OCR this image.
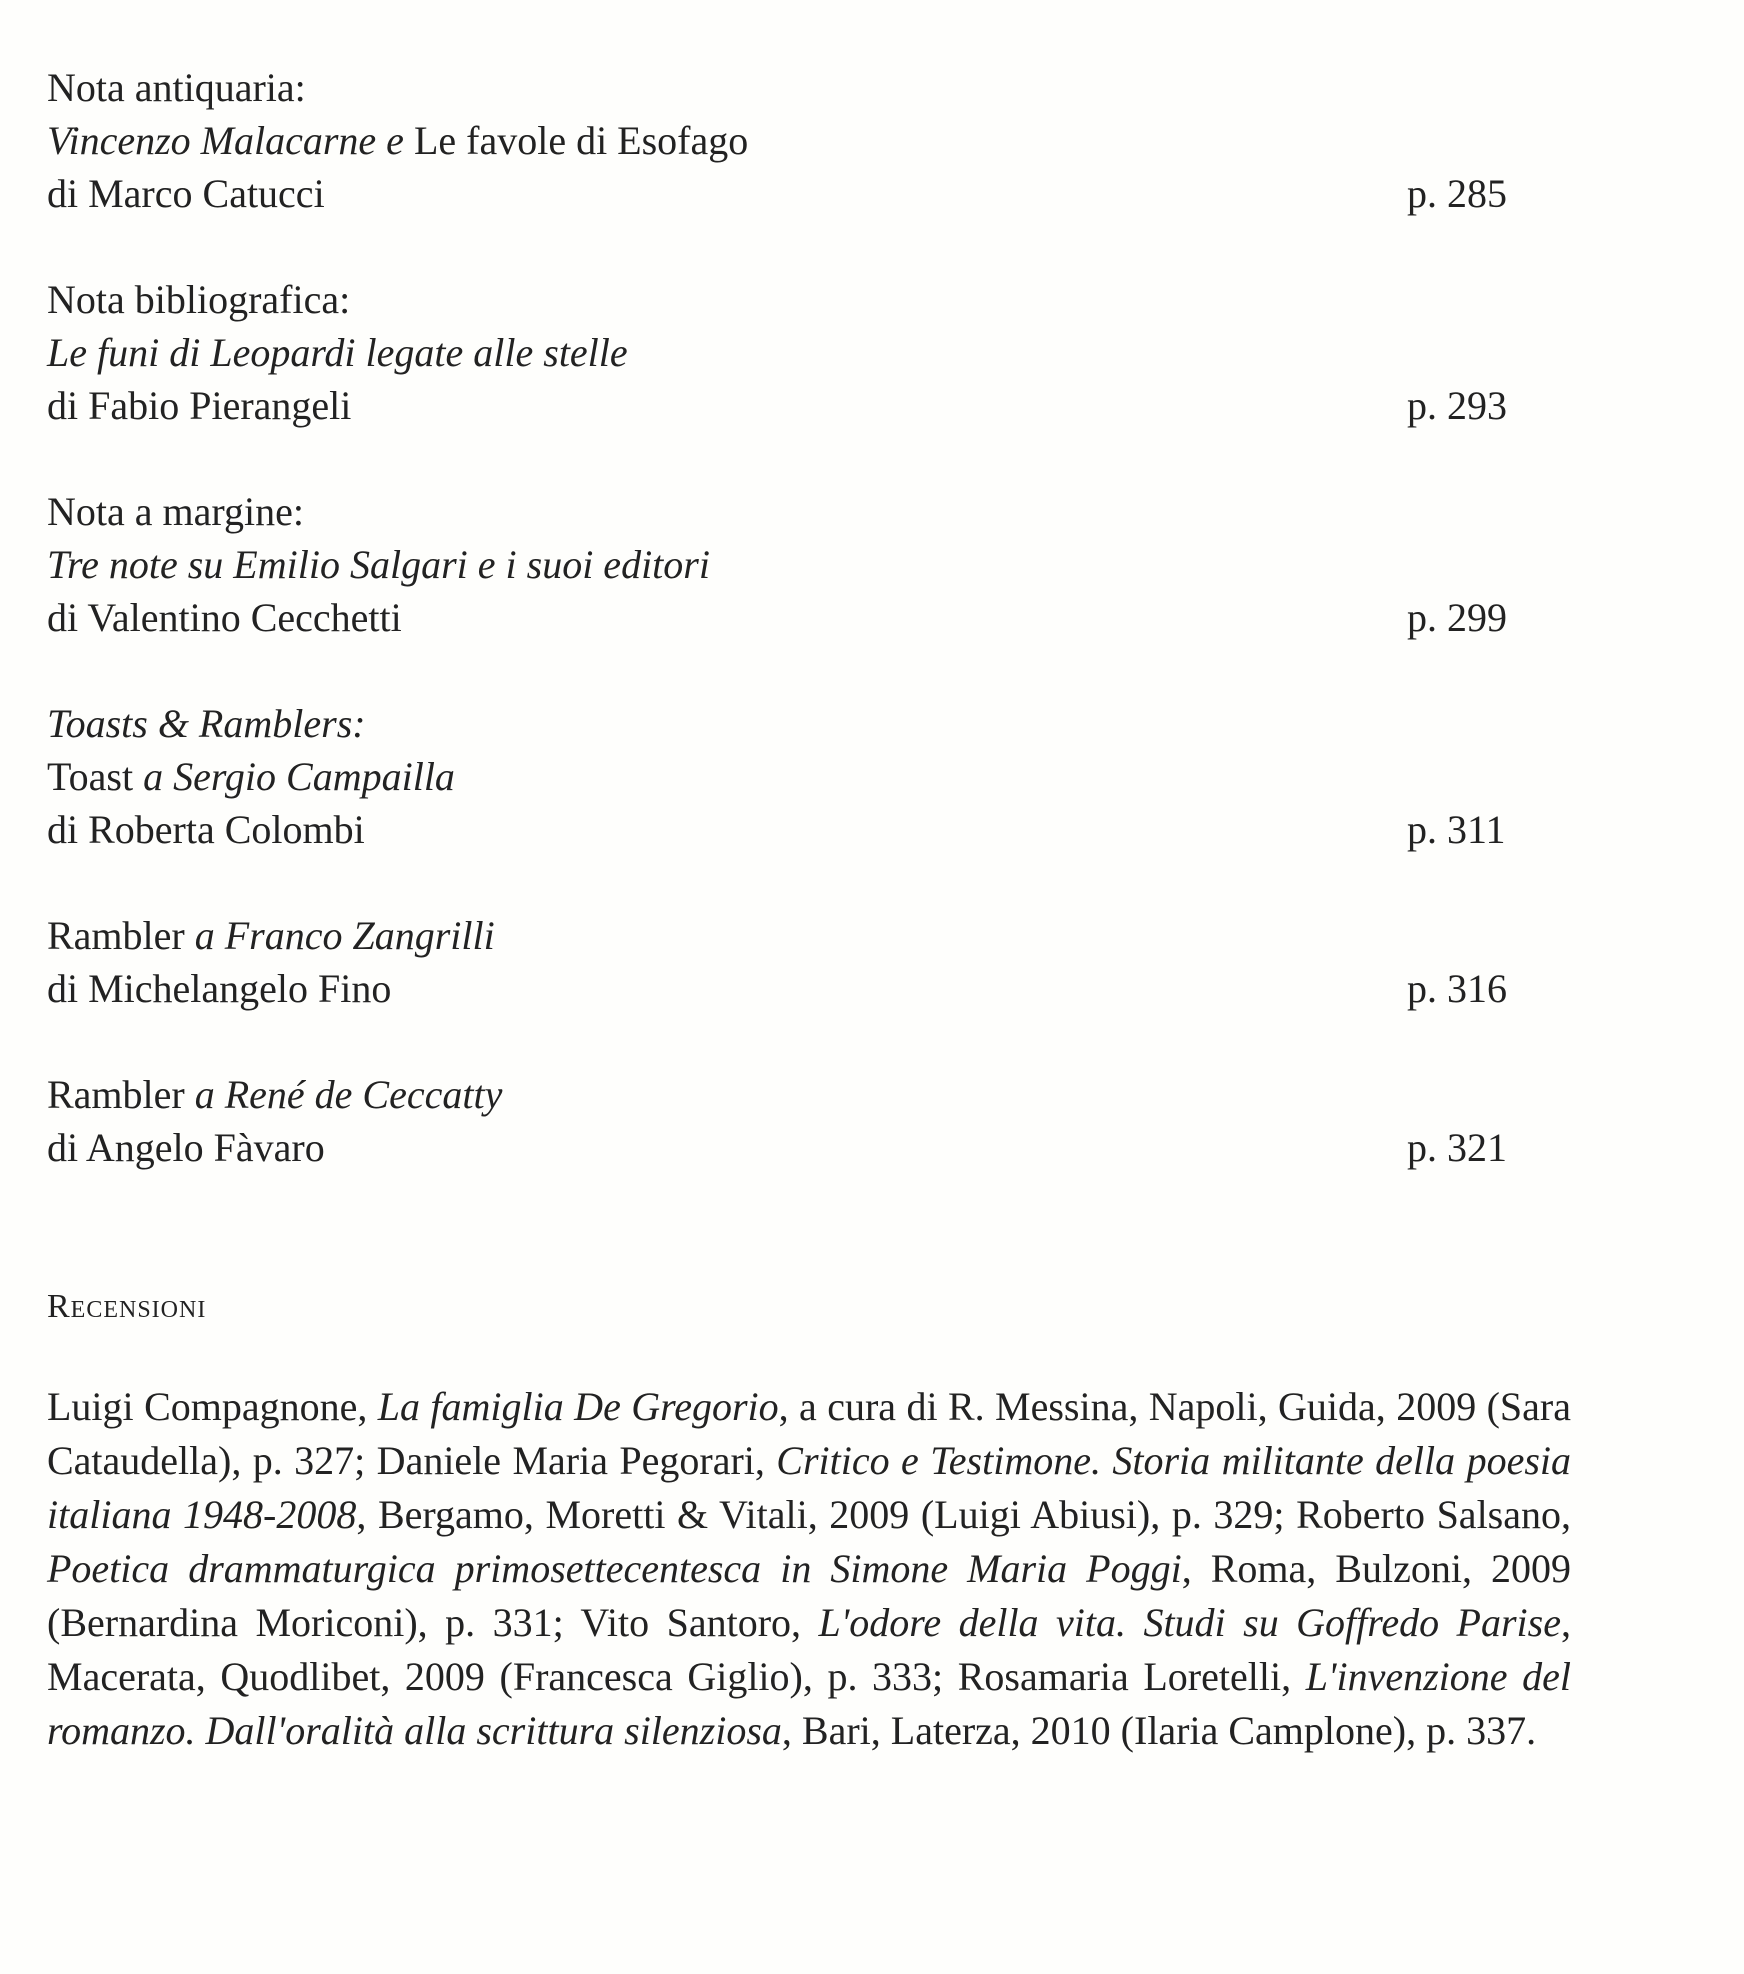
Nota antiquaria:
Vincenzo Malacarne e Le favole di Esofago
di Marco Catucci	p. 285
Nota bibliografica:
Le funi di Leopardi legate alle stelle
di Fabio Pierangeli	p. 293
Nota a margine:
Tre note su Emilio Salgari e i suoi editori
di Valentino Cecchetti	p. 299
Toasts & Ramblers:
Toast a Sergio Campailla
di Roberta Colombi	p. 311
Rambler a Franco Zangrilli
di Michelangelo Fino	p. 316
Rambler a René de Ceccatty
di Angelo Fàvaro	p. 321
Recensioni
Luigi Compagnone, La famiglia De Gregorio, a cura di R. Messina, Napoli, Guida, 2009 (Sara Cataudella), p. 327; Daniele Maria Pegorari, Critico e Testimone. Storia militante della poesia italiana 1948-2008, Bergamo, Moretti & Vitali, 2009 (Luigi Abiusi), p. 329; Roberto Salsano, Poetica drammaturgica primosettecentesca in Simone Maria Poggi, Roma, Bulzoni, 2009 (Bernardina Moriconi), p. 331; Vito Santoro, L'odore della vita. Studi su Goffredo Parise, Macerata, Quodlibet, 2009 (Francesca Giglio), p. 333; Rosamaria Loretelli, L'invenzione del romanzo. Dall'oralità alla scrittura silenziosa, Bari, Laterza, 2010 (Ilaria Camplone), p. 337.
